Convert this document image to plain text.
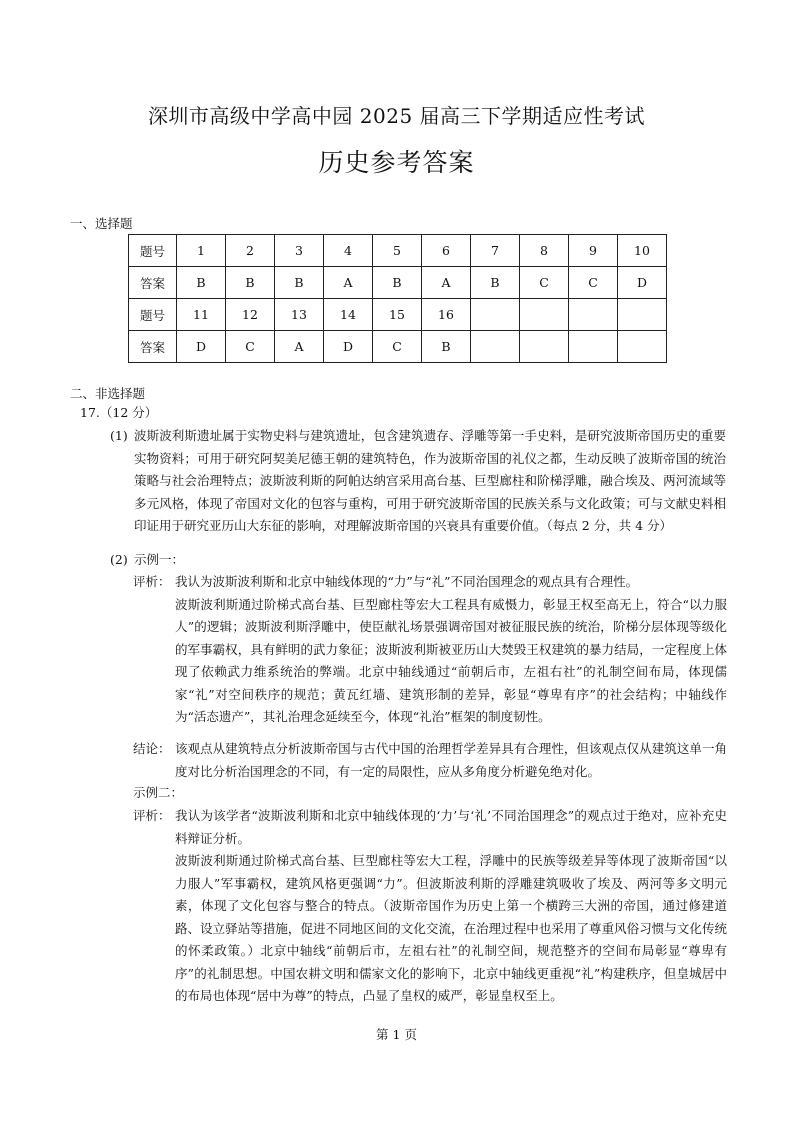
深圳市高级中学高中园 2025 届高三下学期适应性考试
历史参考答案
一、选择题
题号	1	2	3	4	5	6	7	8	9	10
答案	B	B	B	A	B	A	B	C	C	D
题号	11	12	13	14	15	16				
答案	D	C	A	D	C	B				
二、非选择题
17.（12 分）
(1) 波斯波利斯遗址属于实物史料与建筑遗址，包含建筑遗存、浮雕等第一手史料，是研究波斯帝国历史的重要实物资料；可用于研究阿契美尼德王朝的建筑特色，作为波斯帝国的礼仪之都，生动反映了波斯帝国的统治策略与社会治理特点；波斯波利斯的阿帕达纳宫采用高台基、巨型廊柱和阶梯浮雕，融合埃及、两河流域等多元风格，体现了帝国对文化的包容与重构，可用于研究波斯帝国的民族关系与文化政策；可与文献史料相印证用于研究亚历山大东征的影响，对理解波斯帝国的兴衰具有重要价值。（每点 2 分，共 4 分）
(2) 示例一：
评析： 我认为波斯波利斯和北京中轴线体现的“力”与“礼”不同治国理念的观点具有合理性。

波斯波利斯通过阶梯式高台基、巨型廊柱等宏大工程具有威慑力，彰显王权至高无上，符合“以力服人”的逻辑；波斯波利斯浮雕中，使臣献礼场景强调帝国对被征服民族的统治，阶梯分层体现等级化的军事霸权，具有鲜明的武力象征；波斯波利斯被亚历山大焚毁王权建筑的暴力结局，一定程度上体现了依赖武力维系统治的弊端。北京中轴线通过“前朝后市，左祖右社”的礼制空间布局，体现儒家“礼”对空间秩序的规范；黄瓦红墙、建筑形制的差异，彰显“尊卑有序”的社会结构；中轴线作为“活态遗产”，其礼治理念延续至今，体现“礼治”框架的制度韧性。

结论： 该观点从建筑特点分析波斯帝国与古代中国的治理哲学差异具有合理性，但该观点仅从建筑这单一角度对比分析治国理念的不同，有一定的局限性，应从多角度分析避免绝对化。
示例二：
评析： 我认为该学者“波斯波利斯和北京中轴线体现的‘力’与‘礼’不同治国理念”的观点过于绝对，应补充史料辩证分析。

波斯波利斯通过阶梯式高台基、巨型廊柱等宏大工程，浮雕中的民族等级差异等体现了波斯帝国“以力服人”军事霸权，建筑风格更强调“力”。但波斯波利斯的浮雕建筑吸收了埃及、两河等多文明元素，体现了文化包容与整合的特点。（波斯帝国作为历史上第一个横跨三大洲的帝国，通过修建道路、设立驿站等措施，促进不同地区间的文化交流，在治理过程中也采用了尊重风俗习惯与文化传统的怀柔政策。）北京中轴线“前朝后市，左祖右社”的礼制空间，规范整齐的空间布局彰显“尊卑有序”的礼制思想。中国农耕文明和儒家文化的影响下，北京中轴线更重视“礼”构建秩序，但皇城居中的布局也体现“居中为尊”的特点，凸显了皇权的威严，彰显皇权至上。

第 1 页
